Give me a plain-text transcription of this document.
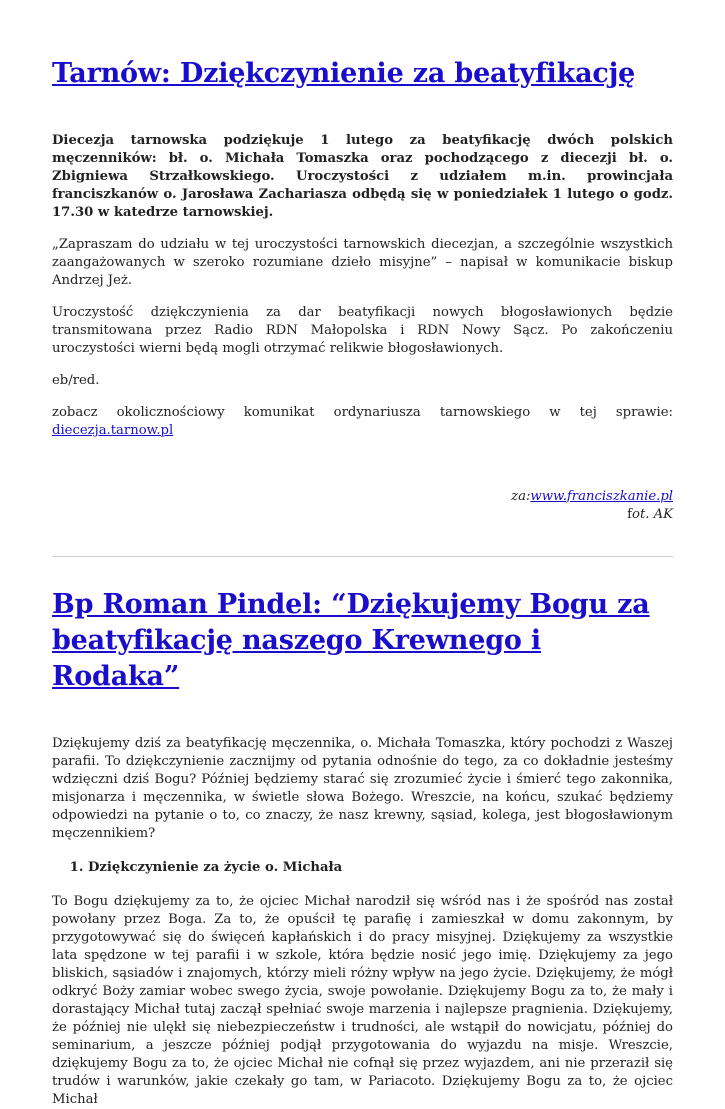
Tarnów: Dziękczynienie za beatyfikację

Diecezja tarnowska podziękuje 1 lutego za beatyfikację dwóch polskich męczenników: bł. o. Michała Tomaszka oraz pochodzącego z diecezji bł. o. Zbigniewa Strzałkowskiego. Uroczystości z udziałem m.in. prowincjała franciszkanów o. Jarosława Zachariasza odbędą się w poniedziałek 1 lutego o godz. 17.30 w katedrze tarnowskiej.

„Zapraszam do udziału w tej uroczystości tarnowskich diecezjan, a szczególnie wszystkich zaangażowanych w szeroko rozumiane dzieło misyjne” – napisał w komunikacie biskup Andrzej Jeż.

Uroczystość dziękczynienia za dar beatyfikacji nowych błogosławionych będzie transmitowana przez Radio RDN Małopolska i RDN Nowy Sącz. Po zakończeniu uroczystości wierni będą mogli otrzymać relikwie błogosławionych.

eb/red.

zobacz okolicznościowy komunikat ordynariusza tarnowskiego w tej sprawie: diecezja.tarnow.pl

za:www.franciszkanie.pl

fot. AK

Bp Roman Pindel: “Dziękujemy Bogu za beatyfikację naszego Krewnego i Rodaka”

Dziękujemy dziś za beatyfikację męczennika, o. Michała Tomaszka, który pochodzi z Waszej parafii. To dziękczynienie zacznijmy od pytania odnośnie do tego, za co dokładnie jesteśmy wdzięczni dziś Bogu? Później będziemy starać się zrozumieć życie i śmierć tego zakonnika, misjonarza i męczennika, w świetle słowa Bożego. Wreszcie, na końcu, szukać będziemy odpowiedzi na pytanie o to, co znaczy, że nasz krewny, sąsiad, kolega, jest błogosławionym męczennikiem?

1. Dziękczynienie za życie o. Michała

To Bogu dziękujemy za to, że ojciec Michał narodził się wśród nas i że spośród nas został powołany przez Boga. Za to, że opuścił tę parafię i zamieszkał w domu zakonnym, by przygotowywać się do święceń kapłańskich i do pracy misyjnej. Dziękujemy za wszystkie lata spędzone w tej parafii i w szkole, która będzie nosić jego imię. Dziękujemy za jego bliskich, sąsiadów i znajomych, którzy mieli różny wpływ na jego życie. Dziękujemy, że mógł odkryć Boży zamiar wobec swego życia, swoje powołanie. Dziękujemy Bogu za to, że mały i dorastający Michał tutaj zaczął spełniać swoje marzenia i najlepsze pragnienia. Dziękujemy, że później nie ulękł się niebezpieczeństw i trudności, ale wstąpił do nowicjatu, później do seminarium, a jeszcze później podjął przygotowania do wyjazdu na misje. Wreszcie, dziękujemy Bogu za to, że ojciec Michał nie cofnął się przez wyjazdem, ani nie przeraził się trudów i warunków, jakie czekały go tam, w Pariacoto. Dziękujemy Bogu za to, że ojciec Michał
